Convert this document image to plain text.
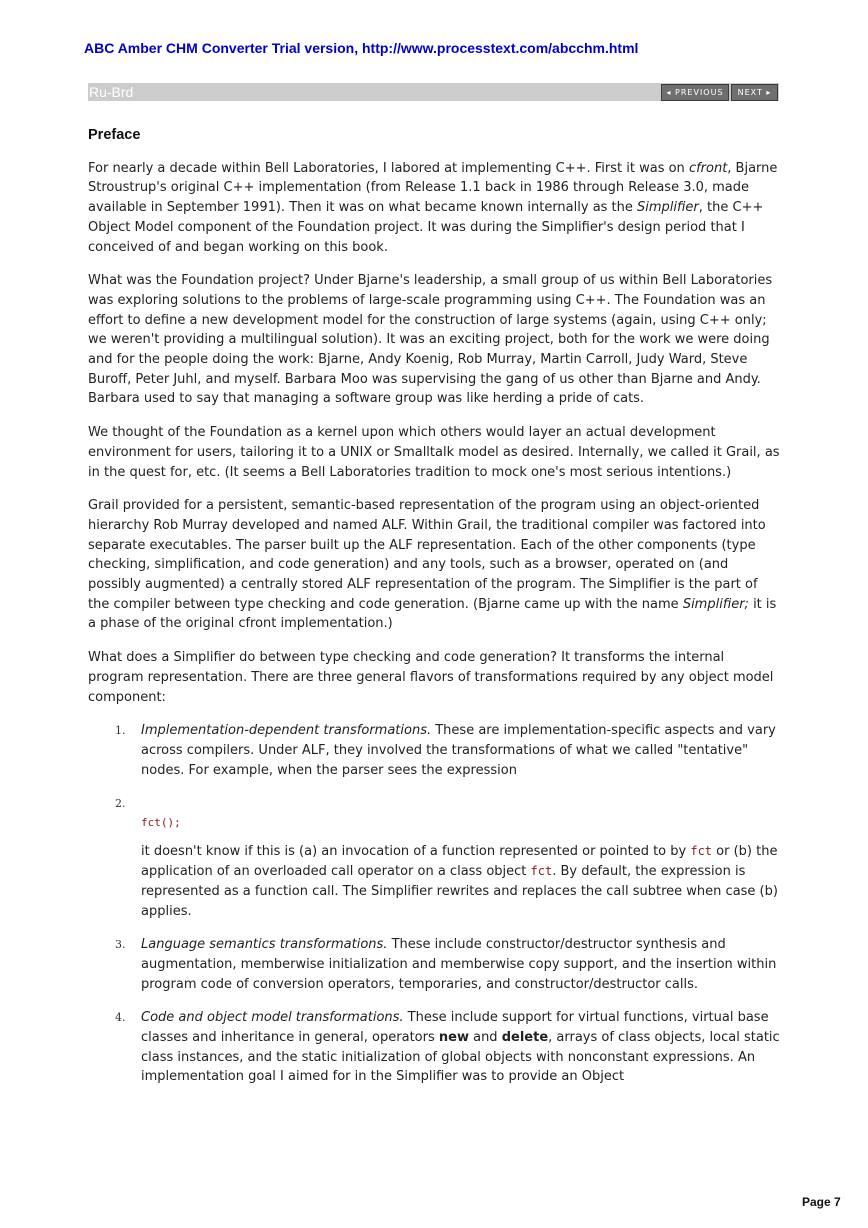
ABC Amber CHM Converter Trial version, http://www.processtext.com/abcchm.html
Ru-Brd	◂ PREVIOUS	NEXT ▸
Preface

For nearly a decade within Bell Laboratories, I labored at implementing C++. First it was on cfront, Bjarne Stroustrup's original C++ implementation (from Release 1.1 back in 1986 through Release 3.0, made available in September 1991). Then it was on what became known internally as the Simplifier, the C++ Object Model component of the Foundation project. It was during the Simplifier's design period that I conceived of and began working on this book.

What was the Foundation project? Under Bjarne's leadership, a small group of us within Bell Laboratories was exploring solutions to the problems of large-scale programming using C++. The Foundation was an effort to define a new development model for the construction of large systems (again, using C++ only; we weren't providing a multilingual solution). It was an exciting project, both for the work we were doing and for the people doing the work: Bjarne, Andy Koenig, Rob Murray, Martin Carroll, Judy Ward, Steve Buroff, Peter Juhl, and myself. Barbara Moo was supervising the gang of us other than Bjarne and Andy. Barbara used to say that managing a software group was like herding a pride of cats.

We thought of the Foundation as a kernel upon which others would layer an actual development environment for users, tailoring it to a UNIX or Smalltalk model as desired. Internally, we called it Grail, as in the quest for, etc. (It seems a Bell Laboratories tradition to mock one's most serious intentions.)

Grail provided for a persistent, semantic-based representation of the program using an object-oriented hierarchy Rob Murray developed and named ALF. Within Grail, the traditional compiler was factored into separate executables. The parser built up the ALF representation. Each of the other components (type checking, simplification, and code generation) and any tools, such as a browser, operated on (and possibly augmented) a centrally stored ALF representation of the program. The Simplifier is the part of the compiler between type checking and code generation. (Bjarne came up with the name Simplifier; it is a phase of the original cfront implementation.)

What does a Simplifier do between type checking and code generation? It transforms the internal program representation. There are three general flavors of transformations required by any object model component:

1. Implementation-dependent transformations. These are implementation-specific aspects and vary across compilers. Under ALF, they involved the transformations of what we called "tentative" nodes. For example, when the parser sees the expression
2.
fct();
it doesn't know if this is (a) an invocation of a function represented or pointed to by fct or (b) the application of an overloaded call operator on a class object fct. By default, the expression is represented as a function call. The Simplifier rewrites and replaces the call subtree when case (b) applies.
3. Language semantics transformations. These include constructor/destructor synthesis and augmentation, memberwise initialization and memberwise copy support, and the insertion within program code of conversion operators, temporaries, and constructor/destructor calls.
4. Code and object model transformations. These include support for virtual functions, virtual base classes and inheritance in general, operators new and delete, arrays of class objects, local static class instances, and the static initialization of global objects with nonconstant expressions. An implementation goal I aimed for in the Simplifier was to provide an Object
Page 7
